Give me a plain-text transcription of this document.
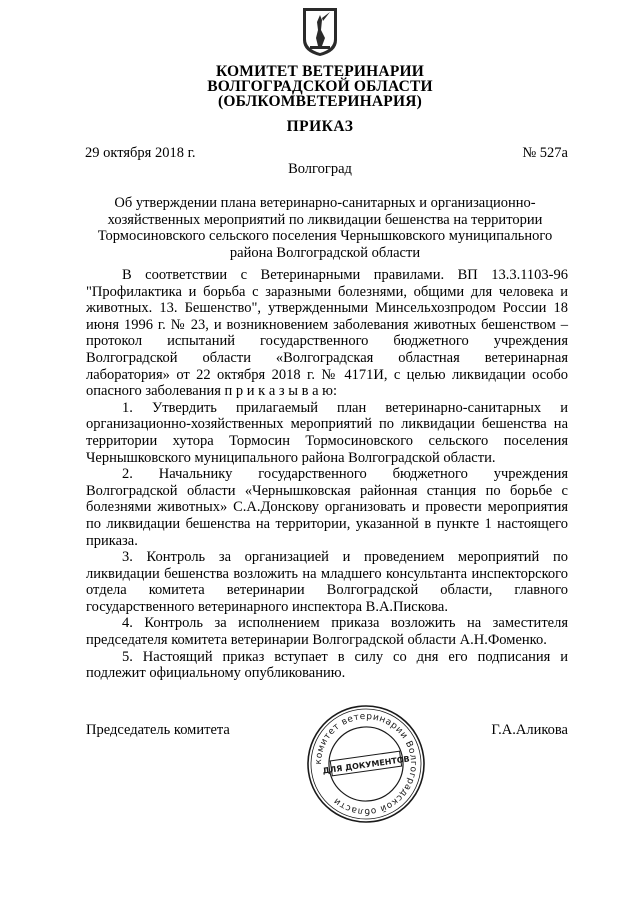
КОМИТЕТ ВЕТЕРИНАРИИ
ВОЛГОГРАДСКОЙ ОБЛАСТИ
(ОБЛКОМВЕТЕРИНАРИЯ)
ПРИКАЗ
29 октября 2018 г.	№ 527а
Волгоград
Об утверждении плана ветеринарно-санитарных и организационно-хозяйственных мероприятий по ликвидации бешенства на территории Тормосиновского сельского поселения Чернышковского муниципального района Волгоградской области

В соответствии с Ветеринарными правилами. ВП 13.3.1103-96 "Профилактика и борьба с заразными болезнями, общими для человека и животных. 13. Бешенство", утвержденными Минсельхозпродом России 18 июня 1996 г. № 23, и возникновением заболевания животных бешенством – протокол испытаний государственного бюджетного учреждения Волгоградской области «Волгоградская областная ветеринарная лаборатория» от 22 октября 2018 г. № 4171И, с целью ликвидации особо опасного заболевания п р и к а з ы в а ю:

1. Утвердить прилагаемый план ветеринарно-санитарных и организационно-хозяйственных мероприятий по ликвидации бешенства на территории хутора Тормосин Тормосиновского сельского поселения Чернышковского муниципального района Волгоградской области.

2. Начальнику государственного бюджетного учреждения Волгоградской области «Чернышковская районная станция по борьбе с болезнями животных» С.А.Донскову организовать и провести мероприятия по ликвидации бешенства на территории, указанной в пункте 1 настоящего приказа.

3. Контроль за организацией и проведением мероприятий по ликвидации бешенства возложить на младшего консультанта инспекторского отдела комитета ветеринарии Волгоградской области, главного государственного ветеринарного инспектора В.А.Пискова.

4. Контроль за исполнением приказа возложить на заместителя председателя комитета ветеринарии Волгоградской области А.Н.Фоменко.

5. Настоящий приказ вступает в силу со дня его подписания и подлежит официальному опубликованию.

Председатель комитета	Г.А.Аликова
комитет ветеринарии Волгоградской области
ДЛЯ ДОКУМЕНТОВ
